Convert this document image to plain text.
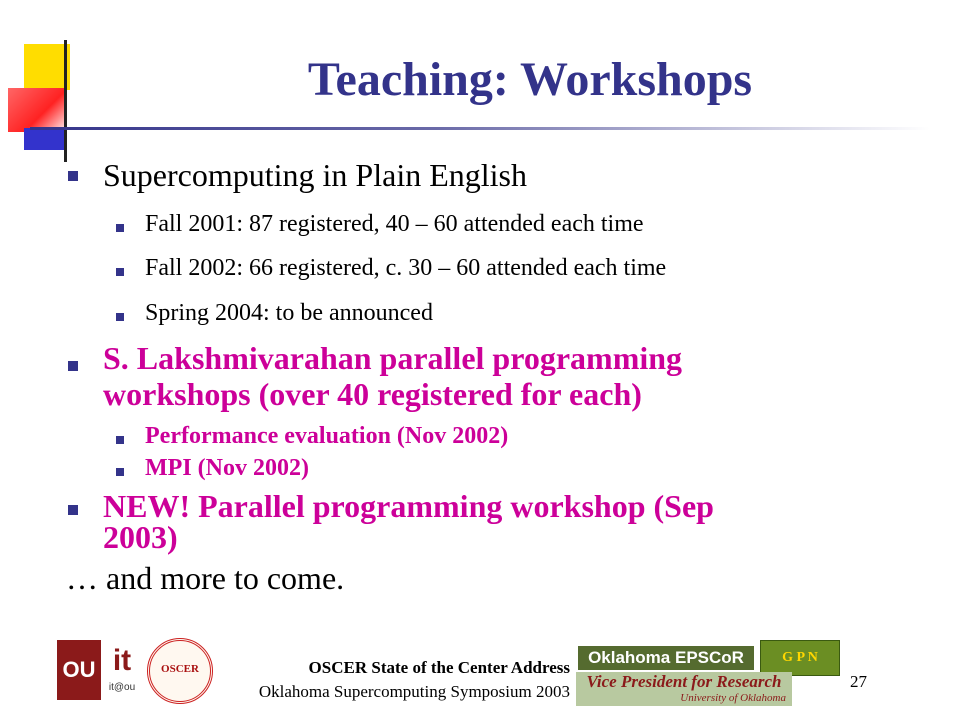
Teaching: Workshops
Supercomputing in Plain English
Fall 2001: 87 registered, 40 – 60 attended each time
Fall 2002: 66 registered, c. 30 – 60 attended each time
Spring 2004: to be announced
S. Lakshmivarahan parallel programming
workshops (over 40 registered for each)
Performance evaluation (Nov 2002)
MPI (Nov 2002)
NEW! Parallel programming workshop (Sep
2003)
… and more to come.
OU it
it@ou
OSCER	OSCER State of the Center Address
Oklahoma Supercomputing Symposium 2003
Oklahoma EPSCoR	G P N
Vice President for Research
University of Oklahoma
27
